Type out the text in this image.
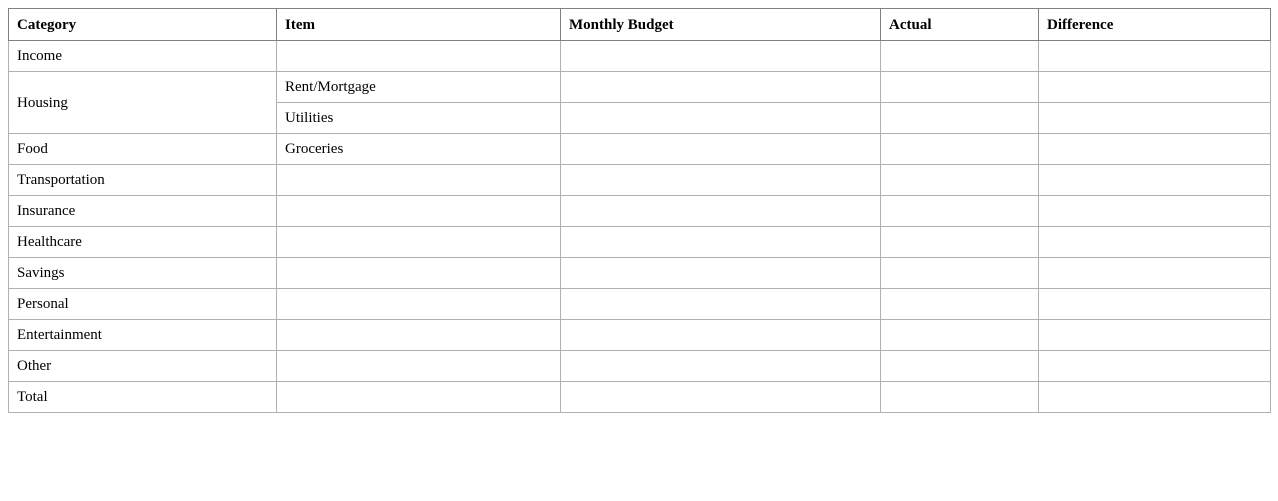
Category	Item	Monthly Budget	Actual	Difference
Income				
Housing	Rent/Mortgage			
	Utilities			
Food	Groceries			
Transportation				
Insurance				
Healthcare				
Savings				
Personal				
Entertainment				
Other				
Total				
